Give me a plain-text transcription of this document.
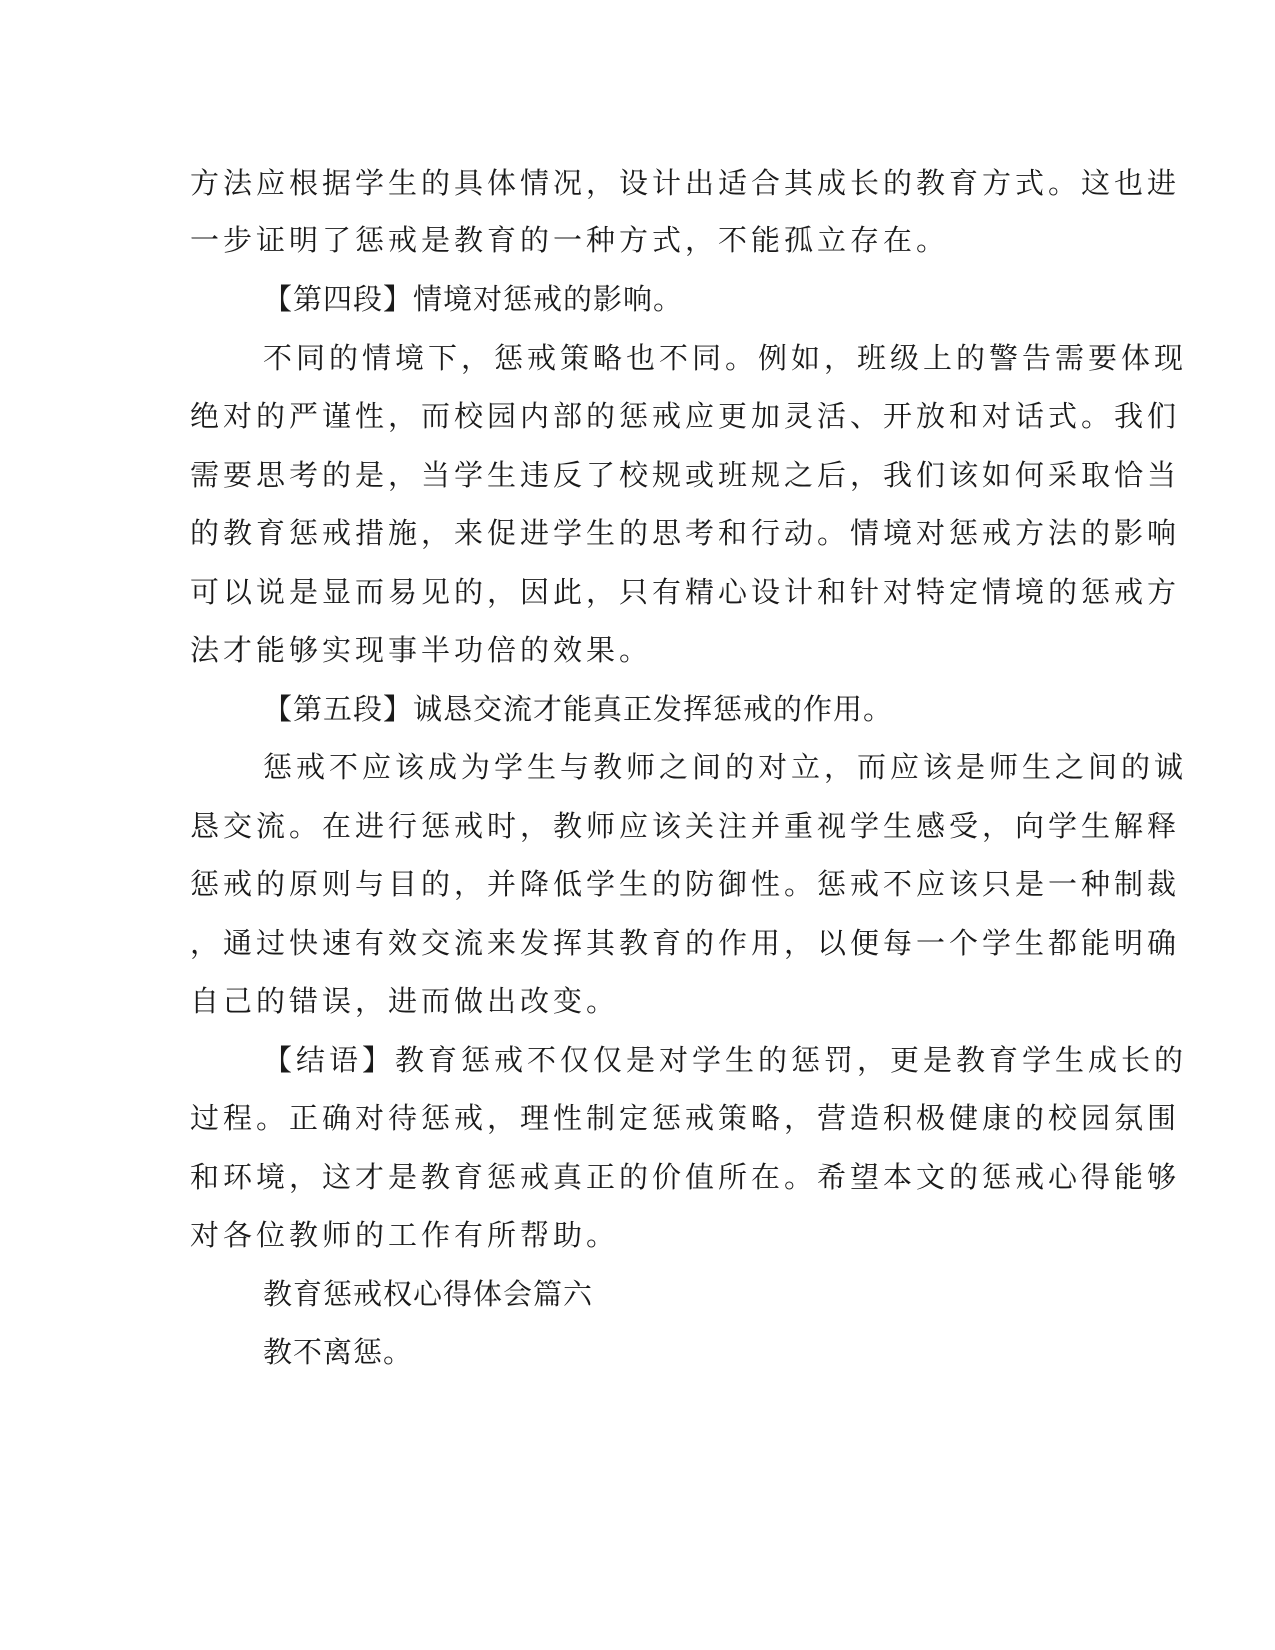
方法应根据学生的具体情况，设计出适合其成长的教育方式。这也进
一步证明了惩戒是教育的一种方式，不能孤立存在。
【第四段】情境对惩戒的影响。
不同的情境下，惩戒策略也不同。例如，班级上的警告需要体现
绝对的严谨性，而校园内部的惩戒应更加灵活、开放和对话式。我们
需要思考的是，当学生违反了校规或班规之后，我们该如何采取恰当
的教育惩戒措施，来促进学生的思考和行动。情境对惩戒方法的影响
可以说是显而易见的，因此，只有精心设计和针对特定情境的惩戒方
法才能够实现事半功倍的效果。
【第五段】诚恳交流才能真正发挥惩戒的作用。
惩戒不应该成为学生与教师之间的对立，而应该是师生之间的诚
恳交流。在进行惩戒时，教师应该关注并重视学生感受，向学生解释
惩戒的原则与目的，并降低学生的防御性。惩戒不应该只是一种制裁
，通过快速有效交流来发挥其教育的作用，以便每一个学生都能明确
自己的错误，进而做出改变。
【结语】教育惩戒不仅仅是对学生的惩罚，更是教育学生成长的
过程。正确对待惩戒，理性制定惩戒策略，营造积极健康的校园氛围
和环境，这才是教育惩戒真正的价值所在。希望本文的惩戒心得能够
对各位教师的工作有所帮助。
教育惩戒权心得体会篇六
教不离惩。
